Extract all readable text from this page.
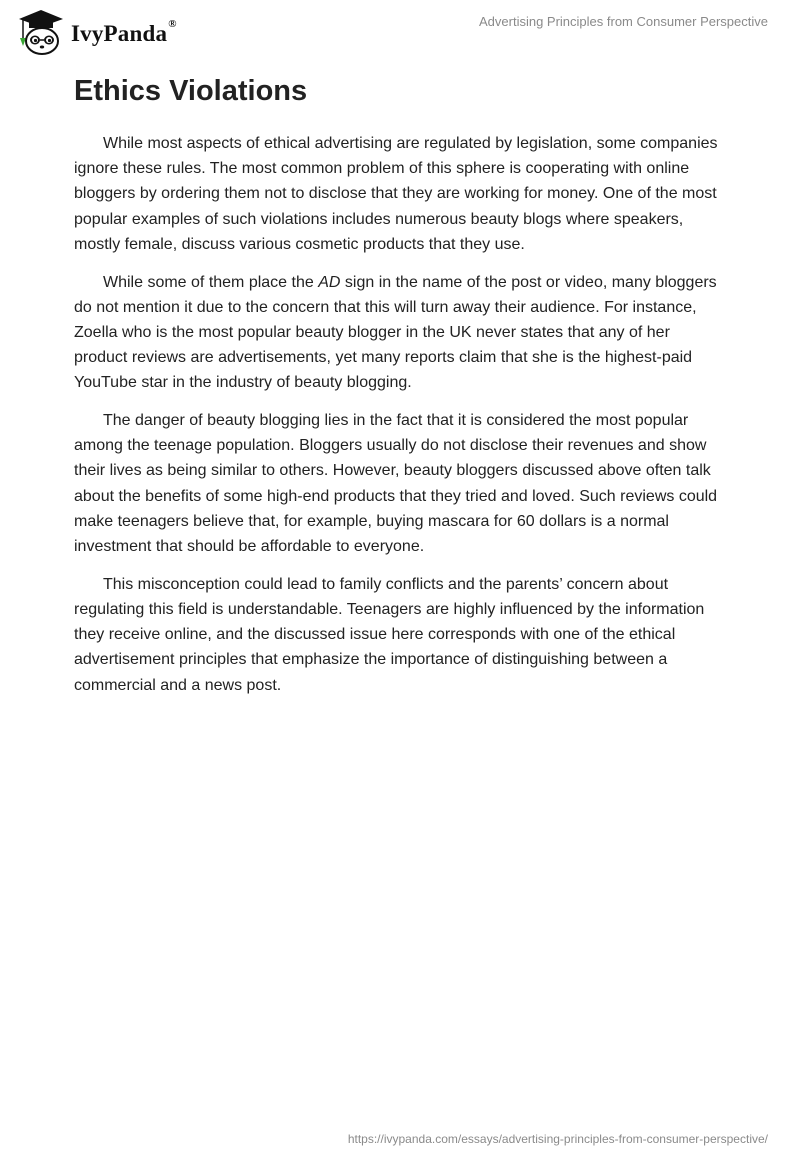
IvyPanda®	Advertising Principles from Consumer Perspective
Ethics Violations

While most aspects of ethical advertising are regulated by legislation, some companies ignore these rules. The most common problem of this sphere is cooperating with online bloggers by ordering them not to disclose that they are working for money. One of the most popular examples of such violations includes numerous beauty blogs where speakers, mostly female, discuss various cosmetic products that they use.

While some of them place the AD sign in the name of the post or video, many bloggers do not mention it due to the concern that this will turn away their audience. For instance, Zoella who is the most popular beauty blogger in the UK never states that any of her product reviews are advertisements, yet many reports claim that she is the highest-paid YouTube star in the industry of beauty blogging.

The danger of beauty blogging lies in the fact that it is considered the most popular among the teenage population. Bloggers usually do not disclose their revenues and show their lives as being similar to others. However, beauty bloggers discussed above often talk about the benefits of some high-end products that they tried and loved. Such reviews could make teenagers believe that, for example, buying mascara for 60 dollars is a normal investment that should be affordable to everyone.

This misconception could lead to family conflicts and the parents’ concern about regulating this field is understandable. Teenagers are highly influenced by the information they receive online, and the discussed issue here corresponds with one of the ethical advertisement principles that emphasize the importance of distinguishing between a commercial and a news post.

https://ivypanda.com/essays/advertising-principles-from-consumer-perspective/
